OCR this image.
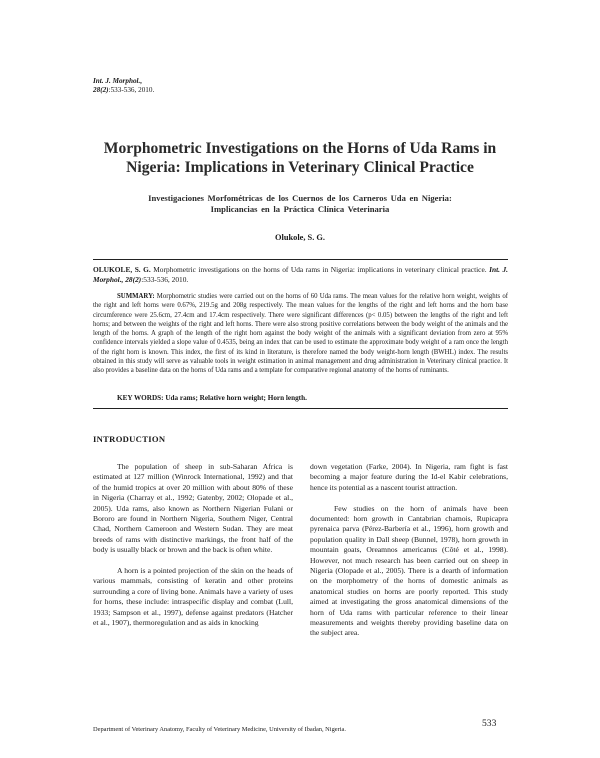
Int. J. Morphol.,
28(2):533-536, 2010.
Morphometric Investigations on the Horns of Uda Rams in
Nigeria: Implications in Veterinary Clinical Practice
Investigaciones Morfométricas de los Cuernos de los Carneros Uda en Nigeria:
Implicancias en la Práctica Clínica Veterinaria
Olukole, S. G.
OLUKOLE, S. G. Morphometric investigations on the horns of Uda rams in Nigeria: implications in veterinary clinical practice. Int. J. Morphol., 28(2):533-536, 2010.
SUMMARY: Morphometric studies were carried out on the horns of 60 Uda rams. The mean values for the relative horn weight, weights of the right and left horns were 0.67%, 219.5g and 208g respectively. The mean values for the lengths of the right and left horns and the horn base circumference were 25.6cm, 27.4cm and 17.4cm respectively. There were significant differences (p< 0.05) between the lengths of the right and left horns; and between the weights of the right and left horns. There were also strong positive correlations between the body weight of the animals and the length of the horns. A graph of the length of the right horn against the body weight of the animals with a significant deviation from zero at 95% confidence intervals yielded a slope value of 0.4535, being an index that can be used to estimate the approximate body weight of a ram once the length of the right horn is known. This index, the first of its kind in literature, is therefore named the body weight-horn length (BWHL) index. The results obtained in this study will serve as valuable tools in weight estimation in animal management and drug administration in Veterinary clinical practice. It also provides a baseline data on the horns of Uda rams and a template for comparative regional anatomy of the horns of ruminants.
KEY WORDS: Uda rams; Relative horn weight; Horn length.
INTRODUCTION

The population of sheep in sub-Saharan Africa is estimated at 127 million (Winrock International, 1992) and that of the humid tropics at over 20 million with about 80% of these in Nigeria (Charray et al., 1992; Gatenby, 2002; Olopade et al., 2005). Uda rams, also known as Northern Nigerian Fulani or Bororo are found in Northern Nigeria, Southern Niger, Central Chad, Northern Cameroon and Western Sudan. They are meat breeds of rams with distinctive markings, the front half of the body is usually black or brown and the back is often white.

A horn is a pointed projection of the skin on the heads of various mammals, consisting of keratin and other proteins surrounding a core of living bone. Animals have a variety of uses for horns, these include: intraspecific display and combat (Lull, 1933; Sampson et al., 1997), defense against predators (Hatcher et al., 1907), thermoregulation and as aids in knocking

down vegetation (Farke, 2004). In Nigeria, ram fight is fast becoming a major feature during the Id-el Kabir celebrations, hence its potential as a nascent tourist attraction.

Few studies on the horn of animals have been documented: horn growth in Cantabrian chamois, Rupicapra pyrenaica parva (Pérez-Barbería et al., 1996), horn growth and population quality in Dall sheep (Bunnel, 1978), horn growth in mountain goats, Oreamnos americanus (Côté et al., 1998). However, not much research has been carried out on sheep in Nigeria (Olopade et al., 2005). There is a dearth of information on the morphometry of the horns of domestic animals as anatomical studies on horns are poorly reported. This study aimed at investigating the gross anatomical dimensions of the horn of Uda rams with particular reference to their linear measurements and weights thereby providing baseline data on the subject area.

533
Department of Veterinary Anatomy, Faculty of Veterinary Medicine, University of Ibadan, Nigeria.
